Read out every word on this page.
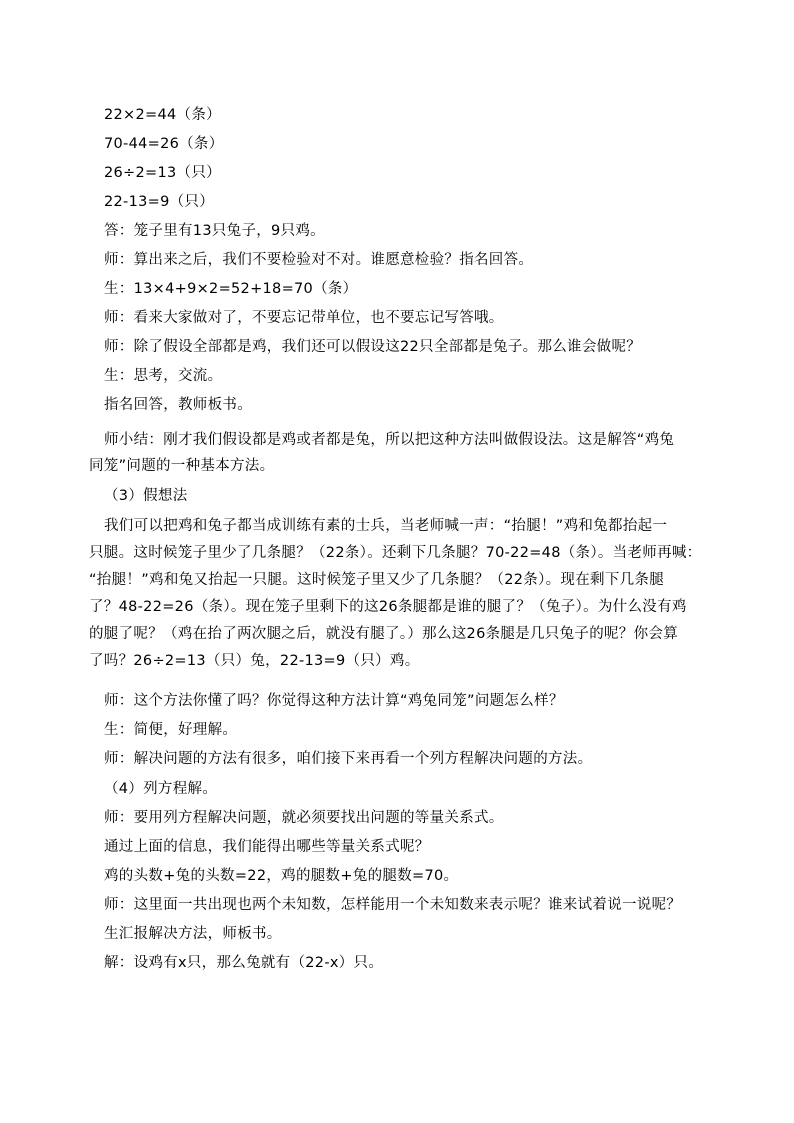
22×2=44（条）
70-44=26（条）
26÷2=13（只）
22-13=9（只）
答：笼子里有13只兔子，9只鸡。
师：算出来之后，我们不要检验对不对。谁愿意检验？指名回答。
生：13×4+9×2=52+18=70（条）
师：看来大家做对了，不要忘记带单位，也不要忘记写答哦。
师：除了假设全部都是鸡，我们还可以假设这22只全部都是兔子。那么谁会做呢？
生：思考，交流。
指名回答，教师板书。
师小结：刚才我们假设都是鸡或者都是兔，所以把这种方法叫做假设法。这是解答“鸡兔
同笼”问题的一种基本方法。
（3）假想法
我们可以把鸡和兔子都当成训练有素的士兵，当老师喊一声：“抬腿！”鸡和兔都抬起一
只腿。这时候笼子里少了几条腿？（22条）。还剩下几条腿？70-22=48（条）。当老师再喊：
“抬腿！”鸡和兔又抬起一只腿。这时候笼子里又少了几条腿？（22条）。现在剩下几条腿
了？48-22=26（条）。现在笼子里剩下的这26条腿都是谁的腿了？（兔子）。为什么没有鸡
的腿了呢？（鸡在抬了两次腿之后，就没有腿了。）那么这26条腿是几只兔子的呢？你会算
了吗？26÷2=13（只）兔，22-13=9（只）鸡。
师：这个方法你懂了吗？你觉得这种方法计算“鸡兔同笼”问题怎么样？
生：简便，好理解。
师：解决问题的方法有很多，咱们接下来再看一个列方程解决问题的方法。
（4）列方程解。
师：要用列方程解决问题，就必须要找出问题的等量关系式。
通过上面的信息，我们能得出哪些等量关系式呢？
鸡的头数+兔的头数=22，鸡的腿数+兔的腿数=70。
师：这里面一共出现也两个未知数，怎样能用一个未知数来表示呢？谁来试着说一说呢？
生汇报解决方法，师板书。
解：设鸡有x只，那么兔就有（22-x）只。
